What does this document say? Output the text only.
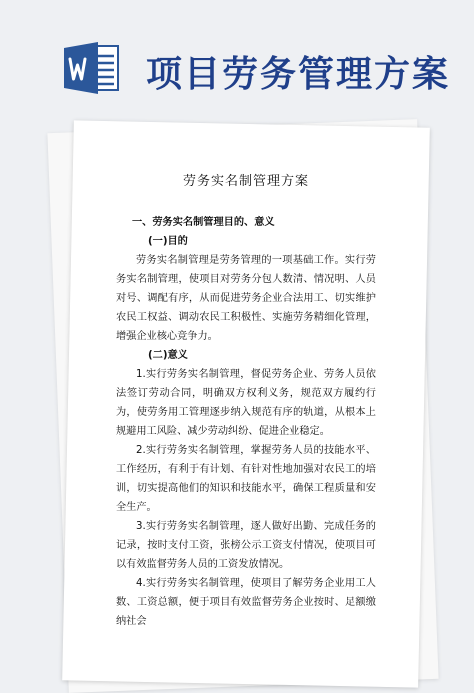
项目劳务管理方案
劳务实名制管理方案
一、劳务实名制管理目的、意义
(一)目的

劳务实名制管理是劳务管理的一项基础工作。实行劳务实名制管理，使项目对劳务分包人数清、情况明、人员对号、调配有序，从而促进劳务企业合法用工、切实维护农民工权益、调动农民工积极性、实施劳务精细化管理，增强企业核心竞争力。

(二)意义

1.实行劳务实名制管理，督促劳务企业、劳务人员依法签订劳动合同，明确双方权利义务，规范双方履约行为，使劳务用工管理逐步纳入规范有序的轨道，从根本上规避用工风险、减少劳动纠纷、促进企业稳定。

2.实行劳务实名制管理，掌握劳务人员的技能水平、工作经历，有利于有计划、有针对性地加强对农民工的培训，切实提高他们的知识和技能水平，确保工程质量和安全生产。

3.实行劳务实名制管理，逐人做好出勤、完成任务的记录，按时支付工资，张榜公示工资支付情况，使项目可以有效监督劳务人员的工资发放情况。

4.实行劳务实名制管理，使项目了解劳务企业用工人数、工资总额，便于项目有效监督劳务企业按时、足额缴纳社会
